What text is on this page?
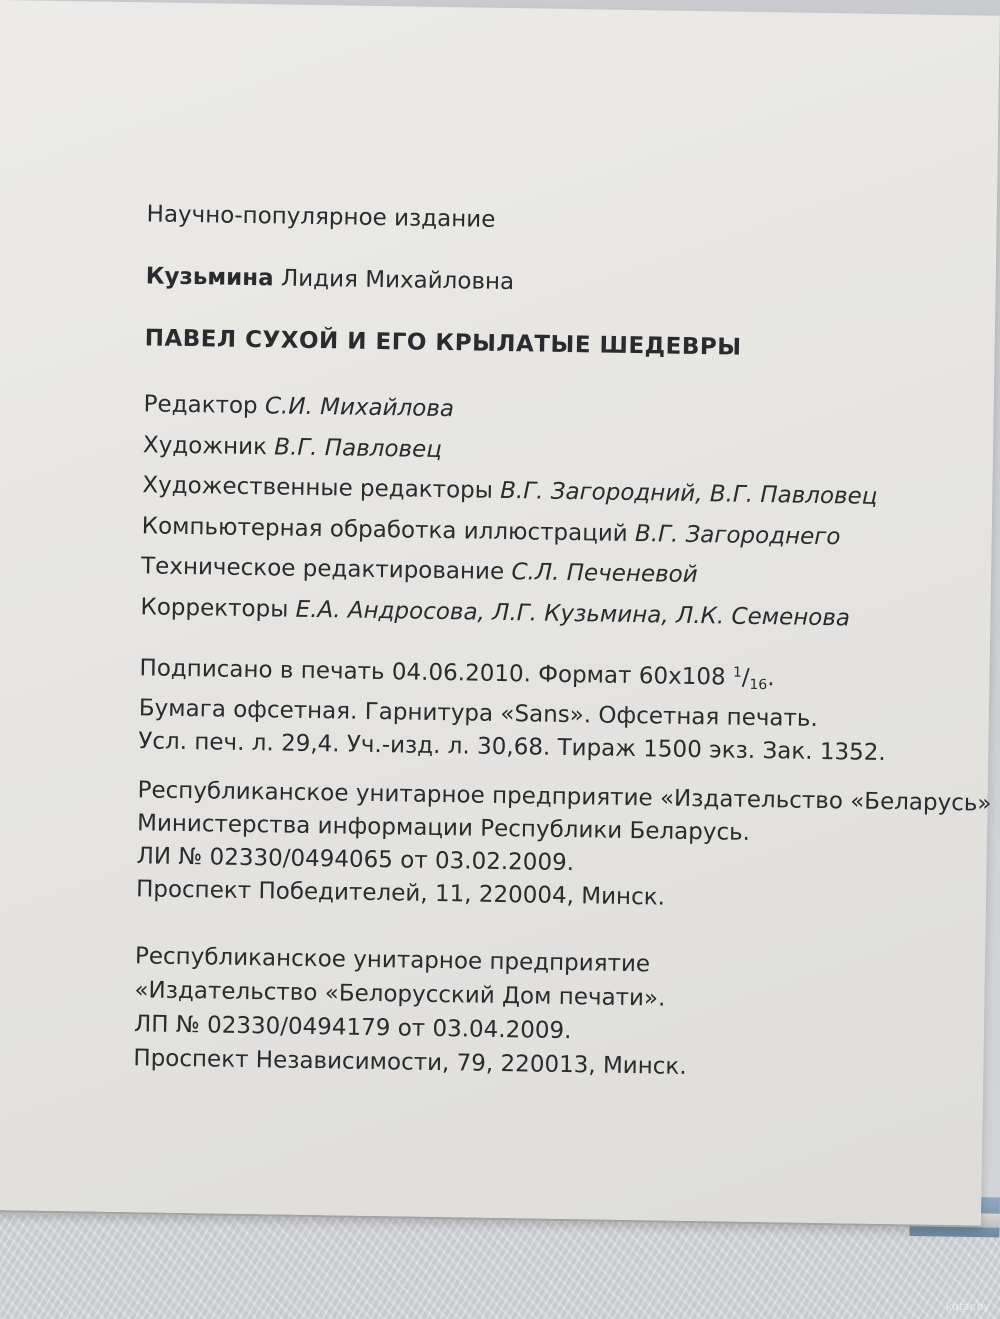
Научно-популярное издание
Кузьмина Лидия Михайловна
ПАВЕЛ СУХОЙ И ЕГО КРЫЛАТЫЕ ШЕДЕВРЫ
Редактор С.И. Михайлова
Художник В.Г. Павловец
Художественные редакторы В.Г. Загородний, В.Г. Павловец
Компьютерная обработка иллюстраций В.Г. Загороднего
Техническое редактирование С.Л. Печеневой
Корректоры Е.А. Андросова, Л.Г. Кузьмина, Л.К. Семенова
Подписано в печать 04.06.2010. Формат 60x108 $^1/_{16}$.
Бумага офсетная. Гарнитура «Sans». Офсетная печать.
Усл. печ. л. 29,4. Уч.-изд. л. 30,68. Тираж 1500 экз. Зак. 1352.
Республиканское унитарное предприятие «Издательство «Беларусь»
Министерства информации Республики Беларусь.
ЛИ № 02330/0494065 от 03.02.2009.
Проспект Победителей, 11, 220004, Минск.
Республиканское унитарное предприятие
«Издательство «Белорусский Дом печати».
ЛП № 02330/0494179 от 03.04.2009.
Проспект Независимости, 79, 220013, Минск.
kufar.by
